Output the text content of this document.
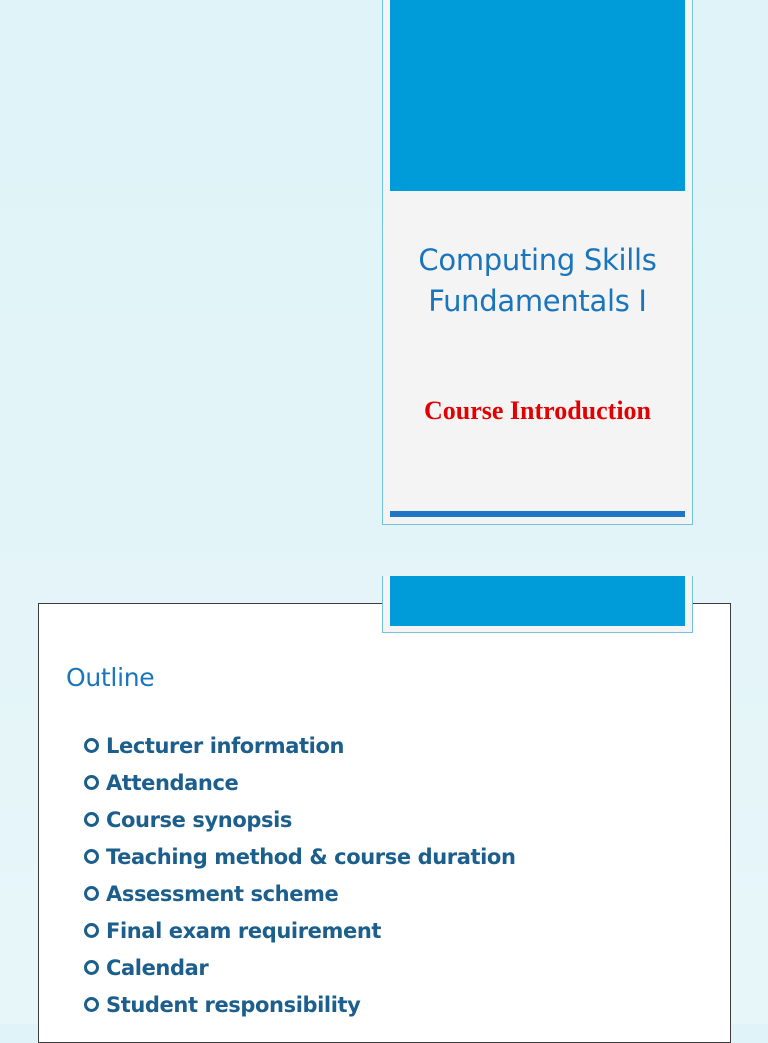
Computing Skills Fundamentals I
Course Introduction
Outline
Lecturer information
Attendance
Course synopsis
Teaching method & course duration
Assessment scheme
Final exam requirement
Calendar
Student responsibility
